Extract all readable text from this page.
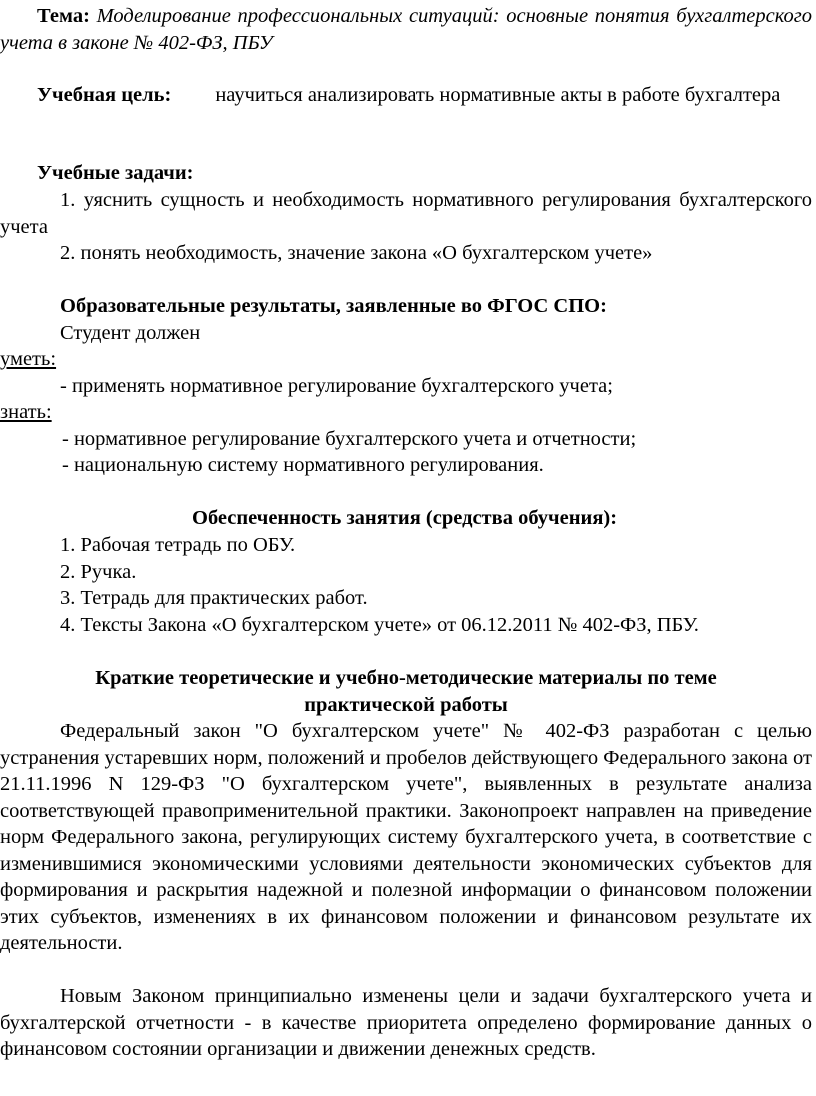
Тема: Моделирование профессиональных ситуаций: основные понятия бухгалтерского учета в законе № 402-ФЗ, ПБУ

Учебная цель: научиться анализировать нормативные акты в работе бухгалтера

Учебные задачи:

1. уяснить сущность и необходимость нормативного регулирования бухгалтерского учета

2. понять необходимость, значение закона «О бухгалтерском учете»

Образовательные результаты, заявленные во ФГОС СПО:

Студент должен

уметь:

- применять нормативное регулирование бухгалтерского учета;

знать:

- нормативное регулирование бухгалтерского учета и отчетности;

- национальную систему нормативного регулирования.

Обеспеченность занятия (средства обучения):

1. Рабочая тетрадь по ОБУ.

2. Ручка.

3. Тетрадь для практических работ.

4. Тексты Закона «О бухгалтерском учете» от 06.12.2011 № 402-ФЗ, ПБУ.

Краткие теоретические и учебно-методические материалы по теме

практической работы

Федеральный закон "О бухгалтерском учете" № 402-ФЗ разработан с целью устранения устаревших норм, положений и пробелов действующего Федерального закона от 21.11.1996 N 129-ФЗ "О бухгалтерском учете", выявленных в результате анализа соответствующей правоприменительной практики. Законопроект направлен на приведение норм Федерального закона, регулирующих систему бухгалтерского учета, в соответствие с изменившимися экономическими условиями деятельности экономических субъектов для формирования и раскрытия надежной и полезной информации о финансовом положении этих субъектов, изменениях в их финансовом положении и финансовом результате их деятельности.

Новым Законом принципиально изменены цели и задачи бухгалтерского учета и бухгалтерской отчетности - в качестве приоритета определено формирование данных о финансовом состоянии организации и движении денежных средств.
